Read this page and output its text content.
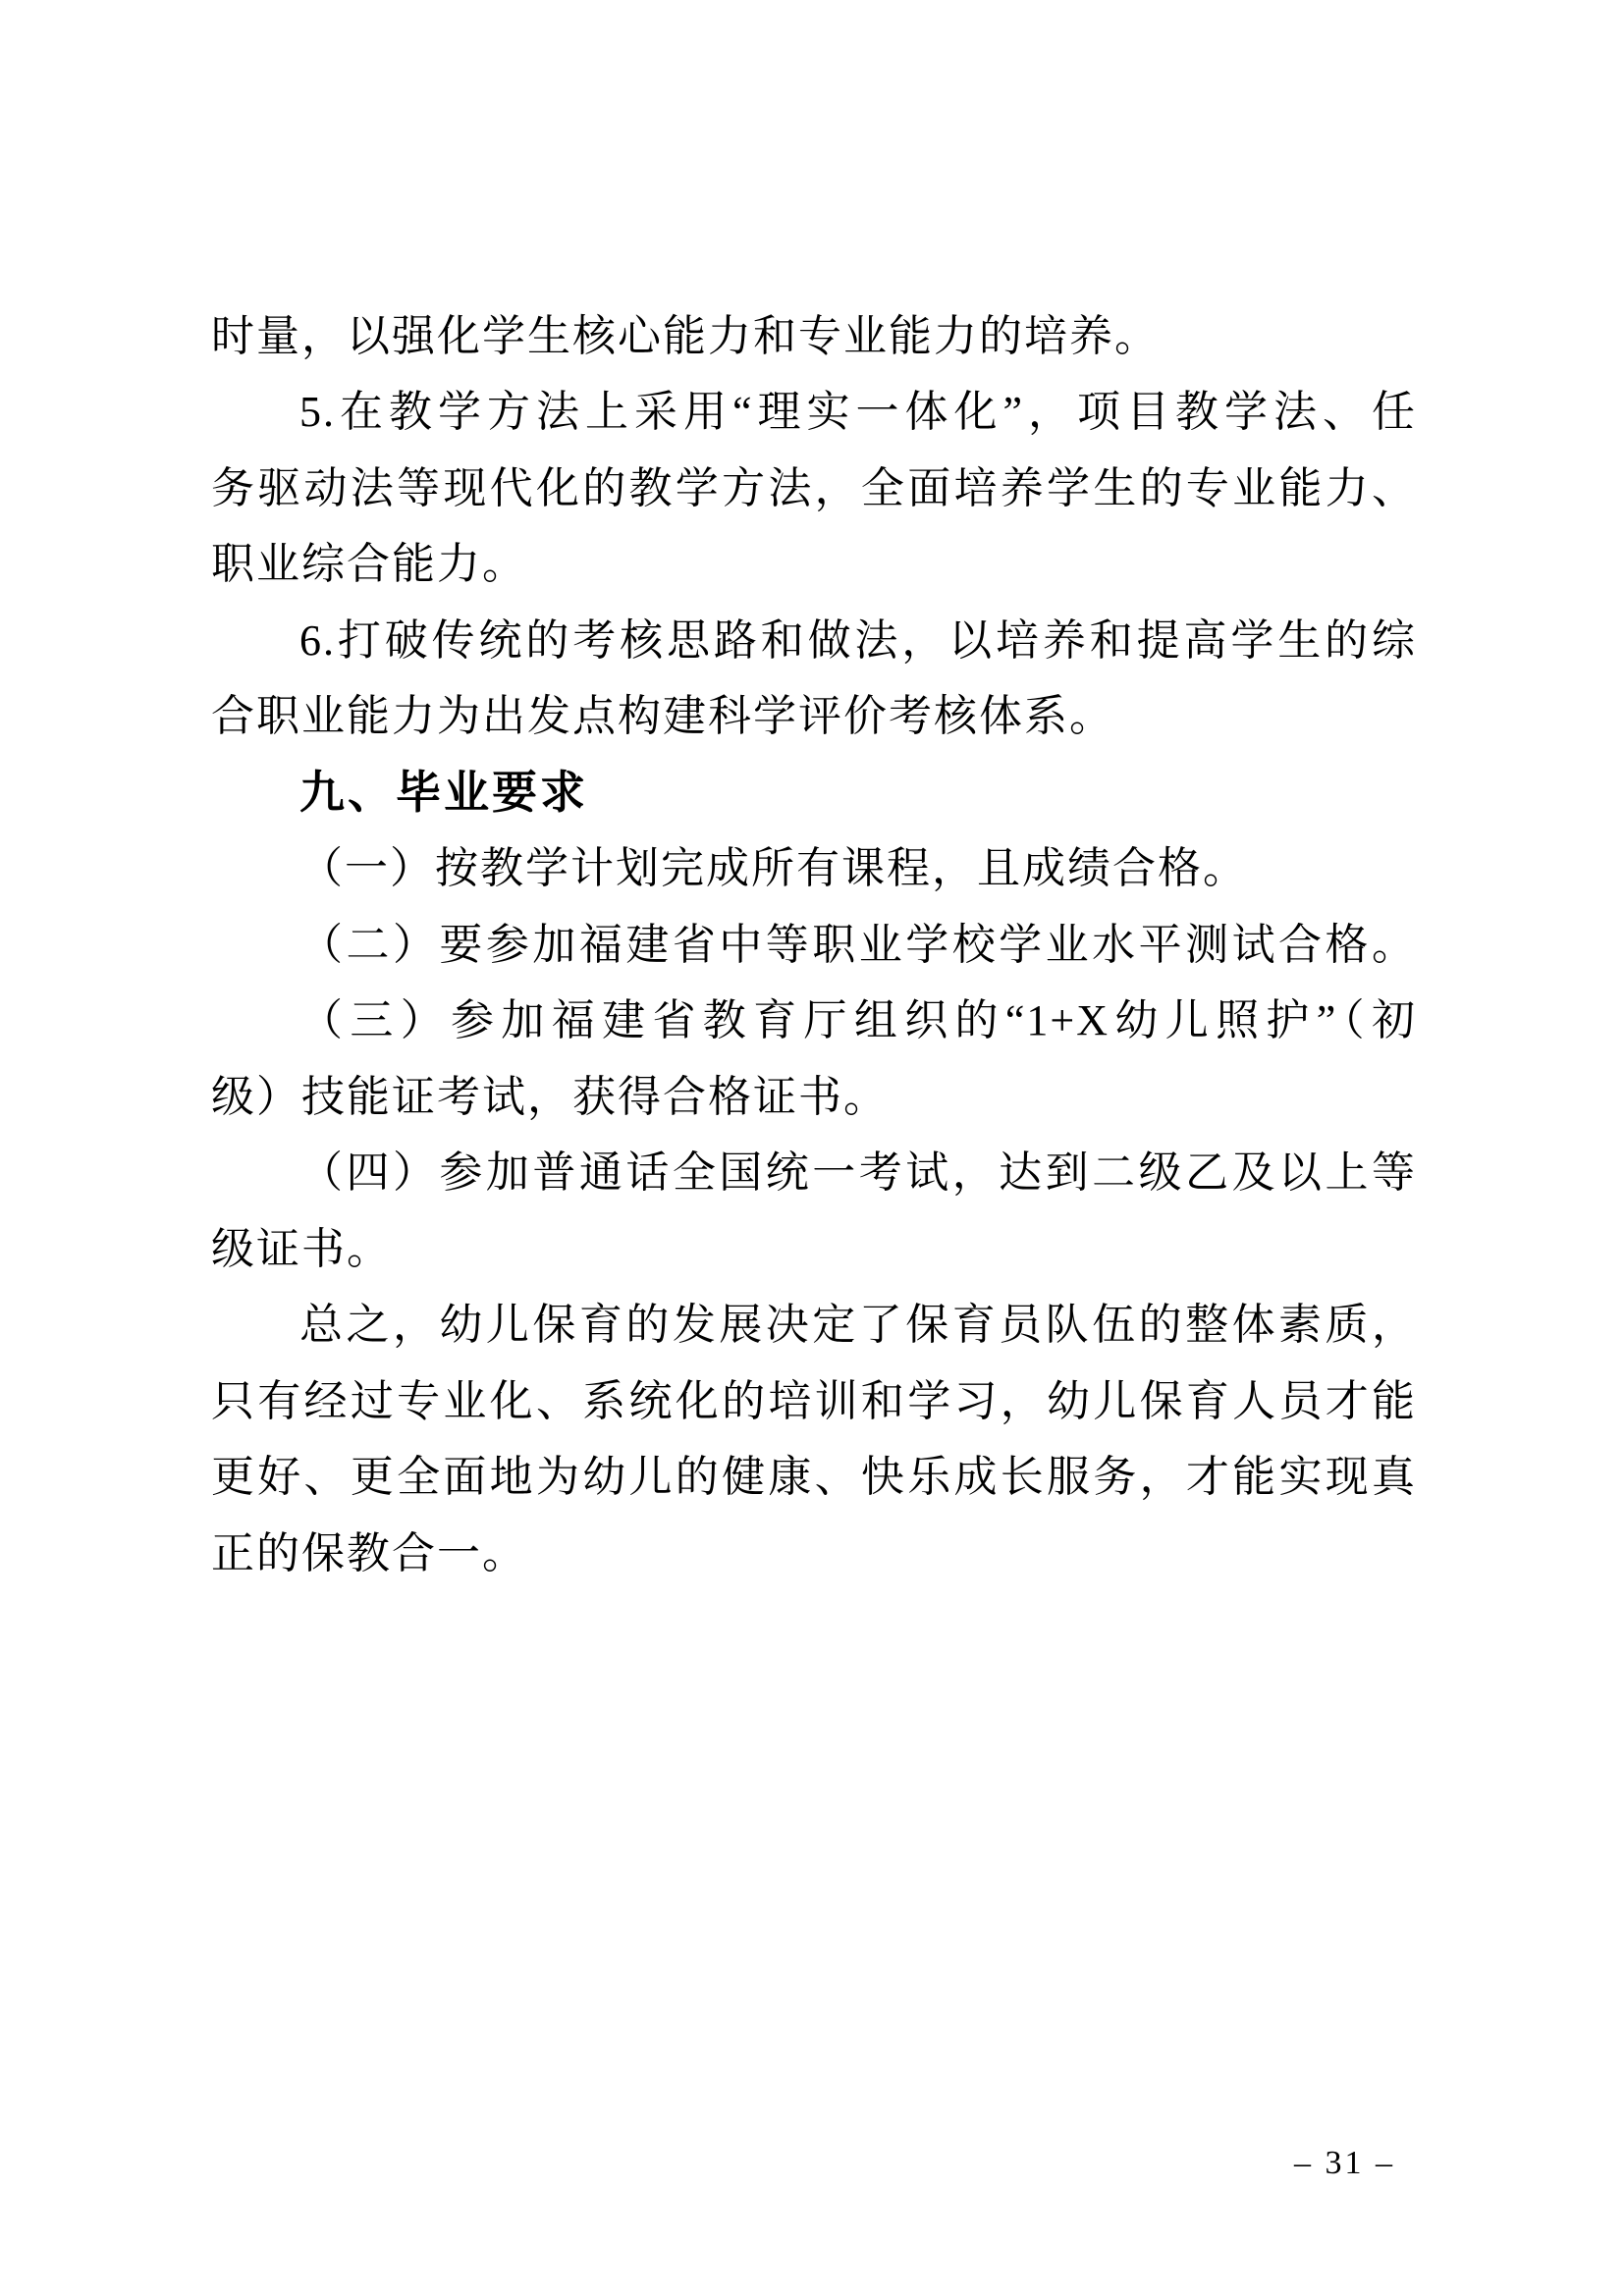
时量，以强化学生核心能力和专业能力的培养。
5.在教学方法上采用“理实一体化”，项目教学法、任
务驱动法等现代化的教学方法，全面培养学生的专业能力、
职业综合能力。
6.打破传统的考核思路和做法，以培养和提高学生的综
合职业能力为出发点构建科学评价考核体系。
九、毕业要求
（一）按教学计划完成所有课程，且成绩合格。
（二）要参加福建省中等职业学校学业水平测试合格。
（三）参加福建省教育厅组织的“1+X幼儿照护”（初
级）技能证考试，获得合格证书。
（四）参加普通话全国统一考试，达到二级乙及以上等
级证书。
总之，幼儿保育的发展决定了保育员队伍的整体素质，
只有经过专业化、系统化的培训和学习，幼儿保育人员才能
更好、更全面地为幼儿的健康、快乐成长服务，才能实现真
正的保教合一。
– 31 –
